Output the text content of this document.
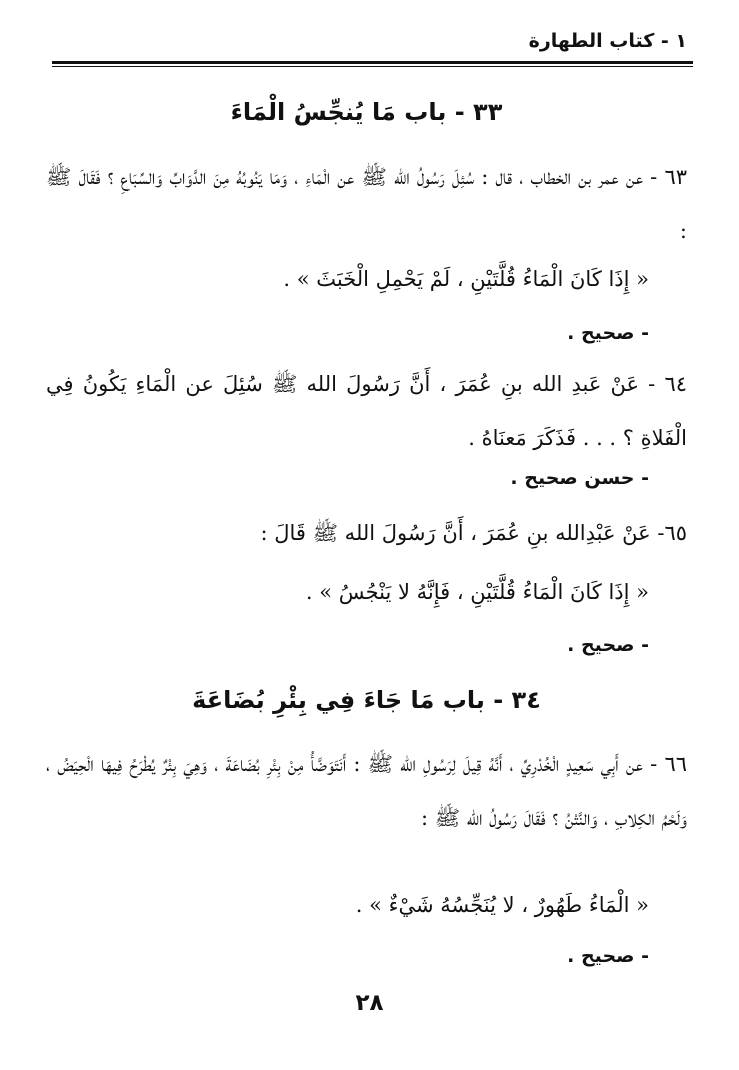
١ - كتاب الطهارة
٣٣ - باب مَا يُنجِّسُ الْمَاءَ

٦٣ - عن عمر بن الخطاب ، قال : سُئِلَ رَسُولُ الله ﷺ عن الْمَاءِ ، وَمَا يَنُوبُهُ مِنَ الدَّوَابِّ وَالسِّبَاعِ ؟ فَقَالَ ﷺ :

« إِذَا كَانَ الْمَاءُ قُلَّتَيْنِ ، لَمْ يَحْمِلِ الْخَبَثَ » .
- صحيح .

٦٤ - عَنْ عَبدِ الله بنِ عُمَرَ ، أَنَّ رَسُولَ الله ﷺ سُئِلَ عن الْمَاءِ يَكُونُ فِي الْفَلاةِ ؟ . . . فَذَكَرَ مَعنَاهُ .

- حسن صحيح .

٦٥- عَنْ عَبْدِالله بنِ عُمَرَ ، أَنَّ رَسُولَ الله ﷺ قَالَ :

« إِذَا كَانَ الْمَاءُ قُلَّتَيْنِ ، فَإِنَّهُ لا يَنْجُسُ » .
- صحيح .
٣٤ - باب مَا جَاءَ فِي بِئْرِ بُضَاعَةَ

٦٦ - عن أَبِي سَعِيدٍ الْخُدْرِيِّ ، أَنَّهُ قِيلَ لِرَسُولِ الله ﷺ : أَنَتَوَضَّأُ مِنْ بِئْرِ بُضَاعَةَ ، وَهِيَ بِئْرٌ يُطْرَحُ فِيهَا الْحِيَضُ ، وَلَحْمُ الكِلابِ ، وَالنَّتْنُ ؟ فَقَالَ رَسُولُ الله ﷺ :

« الْمَاءُ طَهُورٌ ، لا يُنَجِّسُهُ شَيْءٌ » .
- صحيح .
٢٨
